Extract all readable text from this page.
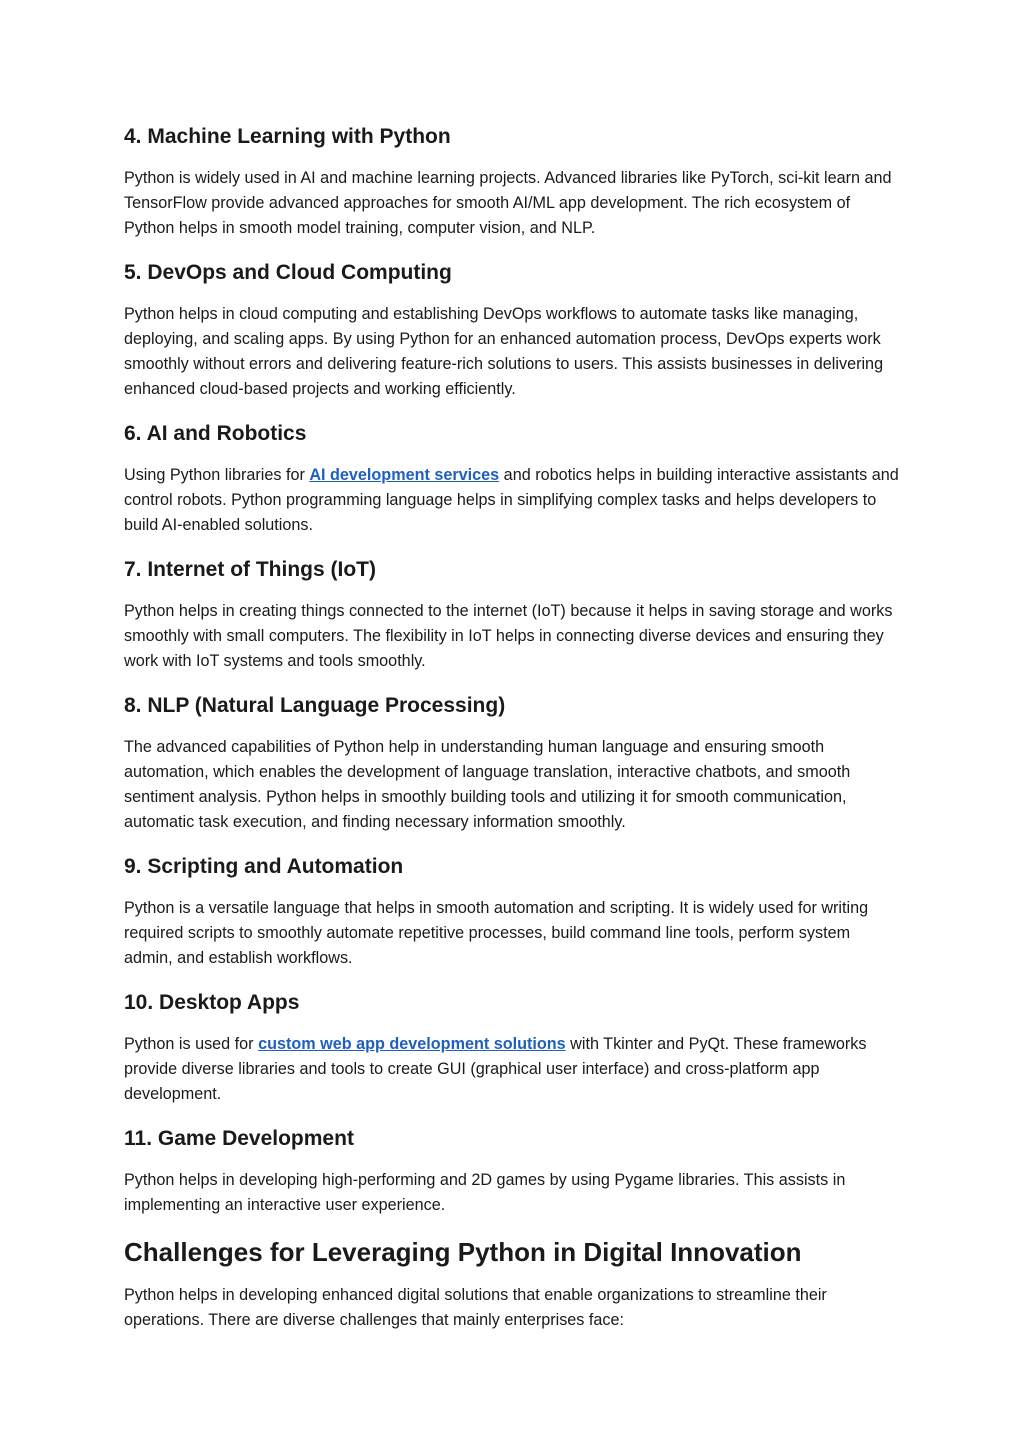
4. Machine Learning with Python

Python is widely used in AI and machine learning projects. Advanced libraries like PyTorch, sci-kit learn and TensorFlow provide advanced approaches for smooth AI/ML app development. The rich ecosystem of Python helps in smooth model training, computer vision, and NLP.

5. DevOps and Cloud Computing

Python helps in cloud computing and establishing DevOps workflows to automate tasks like managing, deploying, and scaling apps. By using Python for an enhanced automation process, DevOps experts work smoothly without errors and delivering feature-rich solutions to users. This assists businesses in delivering enhanced cloud-based projects and working efficiently.

6. AI and Robotics

Using Python libraries for AI development services and robotics helps in building interactive assistants and control robots. Python programming language helps in simplifying complex tasks and helps developers to build AI-enabled solutions.

7. Internet of Things (IoT)

Python helps in creating things connected to the internet (IoT) because it helps in saving storage and works smoothly with small computers. The flexibility in IoT helps in connecting diverse devices and ensuring they work with IoT systems and tools smoothly.

8. NLP (Natural Language Processing)

The advanced capabilities of Python help in understanding human language and ensuring smooth automation, which enables the development of language translation, interactive chatbots, and smooth sentiment analysis. Python helps in smoothly building tools and utilizing it for smooth communication, automatic task execution, and finding necessary information smoothly.

9. Scripting and Automation

Python is a versatile language that helps in smooth automation and scripting. It is widely used for writing required scripts to smoothly automate repetitive processes, build command line tools, perform system admin, and establish workflows.

10. Desktop Apps

Python is used for custom web app development solutions with Tkinter and PyQt. These frameworks provide diverse libraries and tools to create GUI (graphical user interface) and cross-platform app development.

11. Game Development

Python helps in developing high-performing and 2D games by using Pygame libraries. This assists in implementing an interactive user experience.

Challenges for Leveraging Python in Digital Innovation

Python helps in developing enhanced digital solutions that enable organizations to streamline their operations. There are diverse challenges that mainly enterprises face:
